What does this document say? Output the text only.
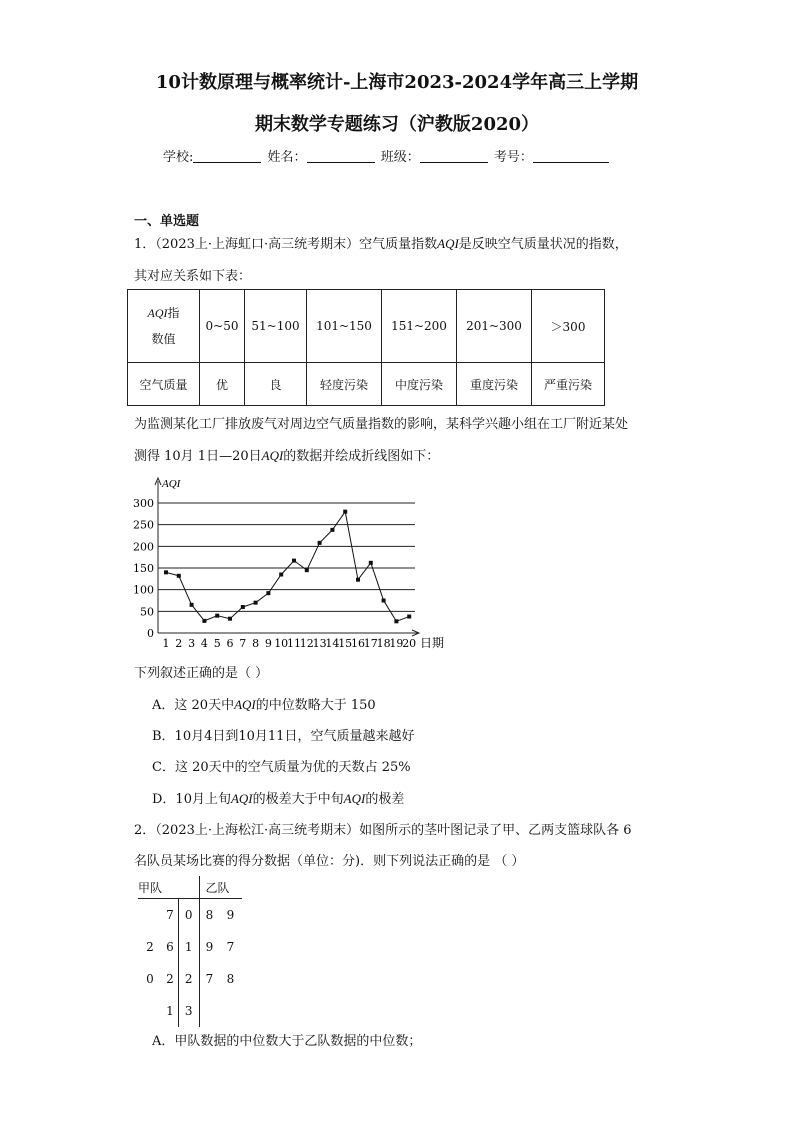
10计数原理与概率统计-上海市2023-2024学年高三上学期
期末数学专题练习（沪教版2020）
学校:	姓名：	班级：	考号：
一、单选题
1．（2023上·上海虹口·高三统考期末）空气质量指数AQI是反映空气质量状况的指数，
其对应关系如下表：
AQI指
数值	0~50	51~100	101~150	151~200	201~300	＞300
空气质量	优	良	轻度污染	中度污染	重度污染	严重污染
为监测某化工厂排放废气对周边空气质量指数的影响，某科学兴趣小组在工厂附近某处
测得 10月 1日—20日AQI的数据并绘成折线图如下：
0
50
100
150
200
250
300
AQI
日期
1 2 3 4 5 6 7 8 9 10
11
12
13
14
15
16
17
18
19
20
下列叙述正确的是（ ）
A．这 20天中AQI的中位数略大于 150
B．10月4日到10月11日，空气质量越来越好
C．这 20天中的空气质量为优的天数占 25%
D．10月上旬AQI的极差大于中旬AQI的极差
2．（2023上·上海松江·高三统考期末）如图所示的茎叶图记录了甲、乙两支篮球队各 6
名队员某场比赛的得分数据（单位：分)．则下列说法正确的是 （ ）
甲队			乙队	
	7	0	8	9
2	6	1	9	7
0	2	2	7	8
	1	3		
A．甲队数据的中位数大于乙队数据的中位数；
